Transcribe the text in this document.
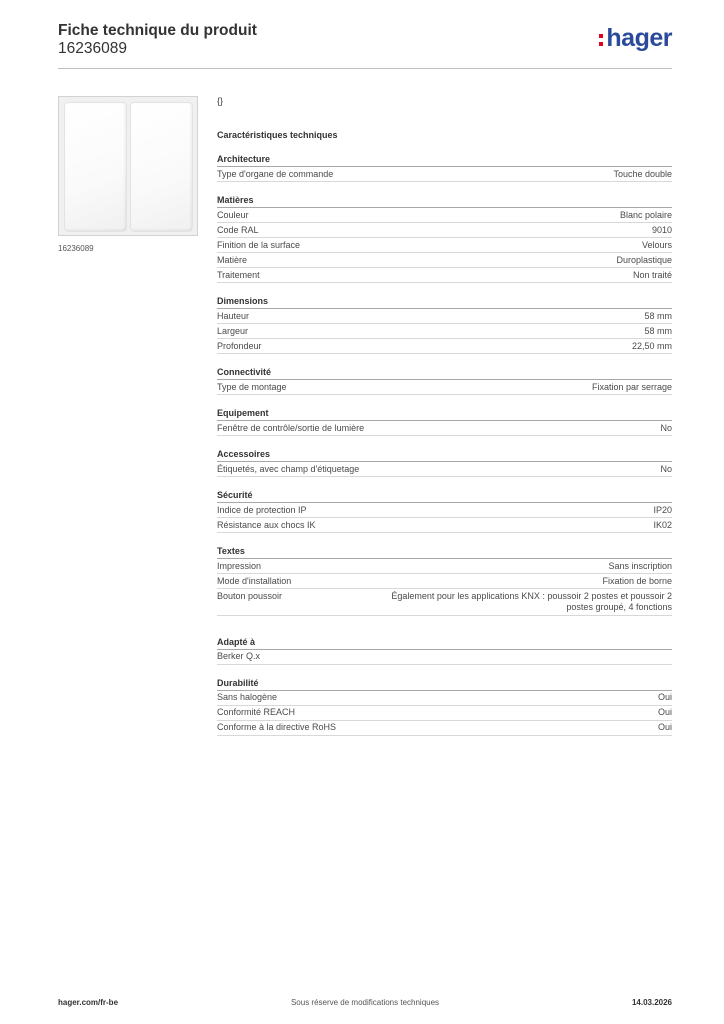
Fiche technique du produit
16236089	hager
16236089
{}
Caractéristiques techniques
Architecture
Type d'organe de commande	Touche double
Matières
Couleur	Blanc polaire
Code RAL	9010
Finition de la surface	Velours
Matière	Duroplastique
Traitement	Non traité
Dimensions
Hauteur	58 mm
Largeur	58 mm
Profondeur	22,50 mm
Connectivité
Type de montage	Fixation par serrage
Equipement
Fenêtre de contrôle/sortie de lumière	No
Accessoires
Étiquetés, avec champ d'étiquetage	No
Sécurité
Indice de protection IP	IP20
Résistance aux chocs IK	IK02
Textes
Impression	Sans inscription
Mode d'installation	Fixation de borne
Bouton poussoir	Également pour les applications KNX : poussoir 2 postes et poussoir 2 postes groupé, 4 fonctions
Adapté à
Berker Q.x
Durabilité
Sans halogène	Oui
Conformité REACH	Oui
Conforme à la directive RoHS	Oui
Sous réserve de modifications techniques
hager.com/fr-be	14.03.2026
